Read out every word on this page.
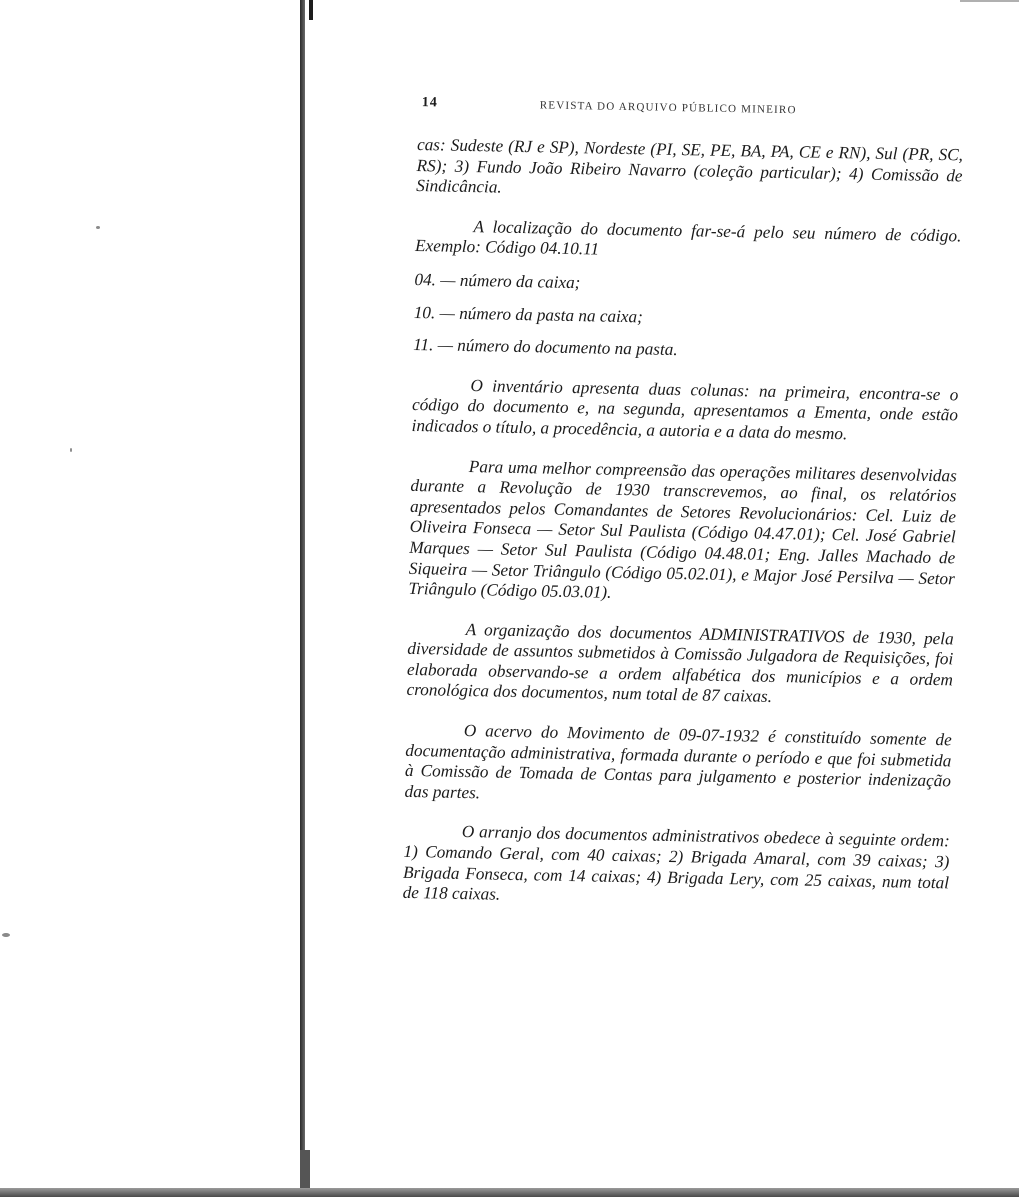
14	REVISTA DO ARQUIVO PÚBLICO MINEIRO

cas: Sudeste (RJ e SP), Nordeste (PI, SE, PE, BA, PA, CE e RN), Sul (PR, SC, RS); 3) Fundo João Ribeiro Navarro (coleção particular); 4) Comissão de Sindicância.

A localização do documento far-se-á pelo seu número de código. Exemplo: Código 04.10.11

04. — número da caixa;

10. — número da pasta na caixa;

11. — número do documento na pasta.

O inventário apresenta duas colunas: na primeira, encontra-se o código do documento e, na segunda, apresentamos a Ementa, onde estão indicados o título, a procedência, a autoria e a data do mesmo.

Para uma melhor compreensão das operações militares desenvolvidas durante a Revolução de 1930 transcrevemos, ao final, os relatórios apresentados pelos Comandantes de Setores Revolucionários: Cel. Luiz de Oliveira Fonseca — Setor Sul Paulista (Código 04.47.01); Cel. José Gabriel Marques — Setor Sul Paulista (Código 04.48.01; Eng. Jalles Machado de Siqueira — Setor Triângulo (Código 05.02.01), e Major José Persilva — Setor Triângulo (Código 05.03.01).

A organização dos documentos ADMINISTRATIVOS de 1930, pela diversidade de assuntos submetidos à Comissão Julgadora de Requisições, foi elaborada observando-se a ordem alfabética dos municípios e a ordem cronológica dos documentos, num total de 87 caixas.

O acervo do Movimento de 09-07-1932 é constituído somente de documentação administrativa, formada durante o período e que foi submetida à Comissão de Tomada de Contas para julgamento e posterior indenização das partes.

O arranjo dos documentos administrativos obedece à seguinte ordem: 1) Comando Geral, com 40 caixas; 2) Brigada Amaral, com 39 caixas; 3) Brigada Fonseca, com 14 caixas; 4) Brigada Lery, com 25 caixas, num total de 118 caixas.
